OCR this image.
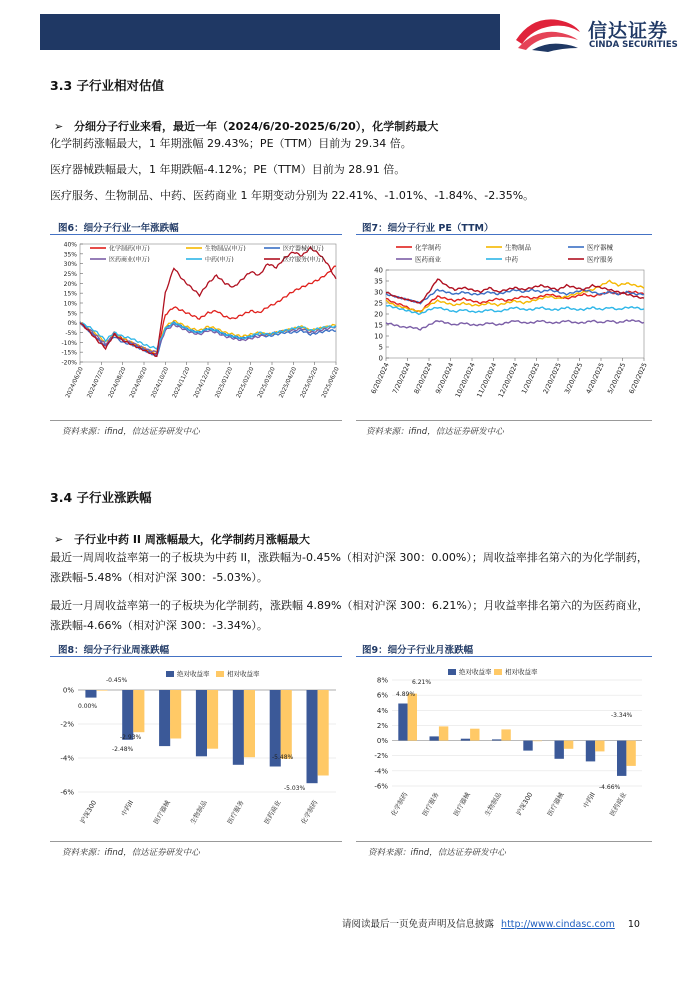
信达证券
CINDA SECURITIES
3.3 子行业相对估值
➢ 分细分子行业来看，最近一年（2024/6/20-2025/6/20），化学制药最大
化学制药涨幅最大，1 年期涨幅 29.43%；PE（TTM）目前为 29.34 倍。
医疗器械跌幅最大，1 年期跌幅-4.12%；PE（TTM）目前为 28.91 倍。
医疗服务、生物制品、中药、医药商业 1 年期变动分别为 22.41%、-1.01%、-1.84%、-2.35%。
图6：细分子行业一年涨跌幅	图7：细分子行业 PE（TTM）
40%
35%
30%
25%
20%
15%
10%
5%
0%
-5%
-10%
-15%
-20%
2024/06/20 2024/07/20 2024/08/20 2024/09/20 2024/10/20 2024/11/20 2024/12/20 2025/01/20 2025/02/20 2025/03/20 2025/04/20 2025/05/20 2025/06/20
化学制药(申万)	生物制品(申万)	医疗器械(申万)
医药商业(申万)	中药(申万)	医疗服务(申万)
40
35
30
25
20
15
10
5
0
6/20/2024 7/20/2024 8/20/2024 9/20/2024
10/20/2024
11/20/2024
12/20/2024 1/20/2025 2/20/2025 3/20/2025 4/20/2025 5/20/2025 6/20/2025
化学制药	生物制品	医疗器械
医药商业	中药	医疗服务
资料来源：ifind，信达证券研发中心	资料来源：ifind，信达证券研发中心
3.4 子行业涨跌幅
➢ 子行业中药 II 周涨幅最大，化学制药月涨幅最大
最近一周周收益率第一的子板块为中药 II，涨跌幅为-0.45%（相对沪深 300：0.00%）；周收益率排名第六的为化学制药，涨跌幅-5.48%（相对沪深 300：-5.03%）。
最近一月周收益率第一的子板块为化学制药，涨跌幅 4.89%（相对沪深 300：6.21%）；月收益率排名第六的为医药商业，涨跌幅-4.66%（相对沪深 300：-3.34%）。
图8：细分子行业周涨跌幅	图9：细分子行业月涨跌幅
0%
-2%
-4%
-6%
沪深300	中药II	医疗器械	生物制品	医疗服务	医药商业	化学制药
绝对收益率	相对收益率
-0.45%
0.00%
-2.93%
-2.48%
-5.48%
-5.03%
8%
6%
4%
2%
0%
-2%
-4%
-6%
化学制药 医疗服务 医疗器械 生物制品 沪深300 医疗器械 中药II 医药商业
绝对收益率 相对收益率
4.89%
6.21%
-3.34%
-4.66%
资料来源：ifind，信达证券研发中心	资料来源：ifind，信达证券研发中心
请阅读最后一页免责声明及信息披露 http://www.cindasc.com 10
